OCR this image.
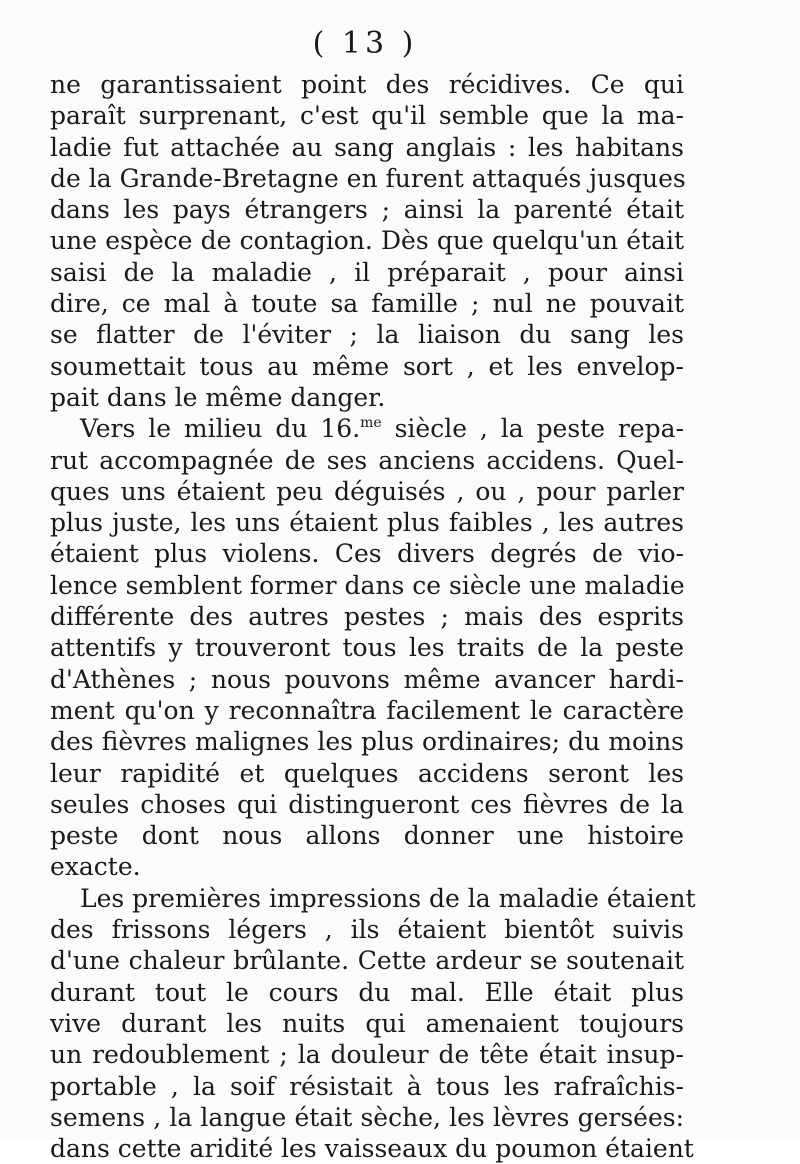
( 13 )
ne garantissaient point des récidives. Ce qui
paraît surprenant, c'est qu'il semble que la ma-
ladie fut attachée au sang anglais : les habitans
de la Grande-Bretagne en furent attaqués jusques
dans les pays étrangers ; ainsi la parenté était
une espèce de contagion. Dès que quelqu'un était
saisi de la maladie , il préparait , pour ainsi
dire, ce mal à toute sa famille ; nul ne pouvait
se flatter de l'éviter ; la liaison du sang les
soumettait tous au même sort , et les envelop-
pait dans le même danger.
Vers le milieu du 16.$^{me}$ siècle , la peste repa-
rut accompagnée de ses anciens accidens. Quel-
ques uns étaient peu déguisés , ou , pour parler
plus juste, les uns étaient plus faibles , les autres
étaient plus violens. Ces divers degrés de vio-
lence semblent former dans ce siècle une maladie
différente des autres pestes ; mais des esprits
attentifs y trouveront tous les traits de la peste
d'Athènes ; nous pouvons même avancer hardi-
ment qu'on y reconnaîtra facilement le caractère
des fièvres malignes les plus ordinaires; du moins
leur rapidité et quelques accidens seront les
seules choses qui distingueront ces fièvres de la
peste dont nous allons donner une histoire
exacte.
Les premières impressions de la maladie étaient
des frissons légers , ils étaient bientôt suivis
d'une chaleur brûlante. Cette ardeur se soutenait
durant tout le cours du mal. Elle était plus
vive durant les nuits qui amenaient toujours
un redoublement ; la douleur de tête était insup-
portable , la soif résistait à tous les rafraîchis-
semens , la langue était sèche, les lèvres gersées:
dans cette aridité les vaisseaux du poumon étaient
